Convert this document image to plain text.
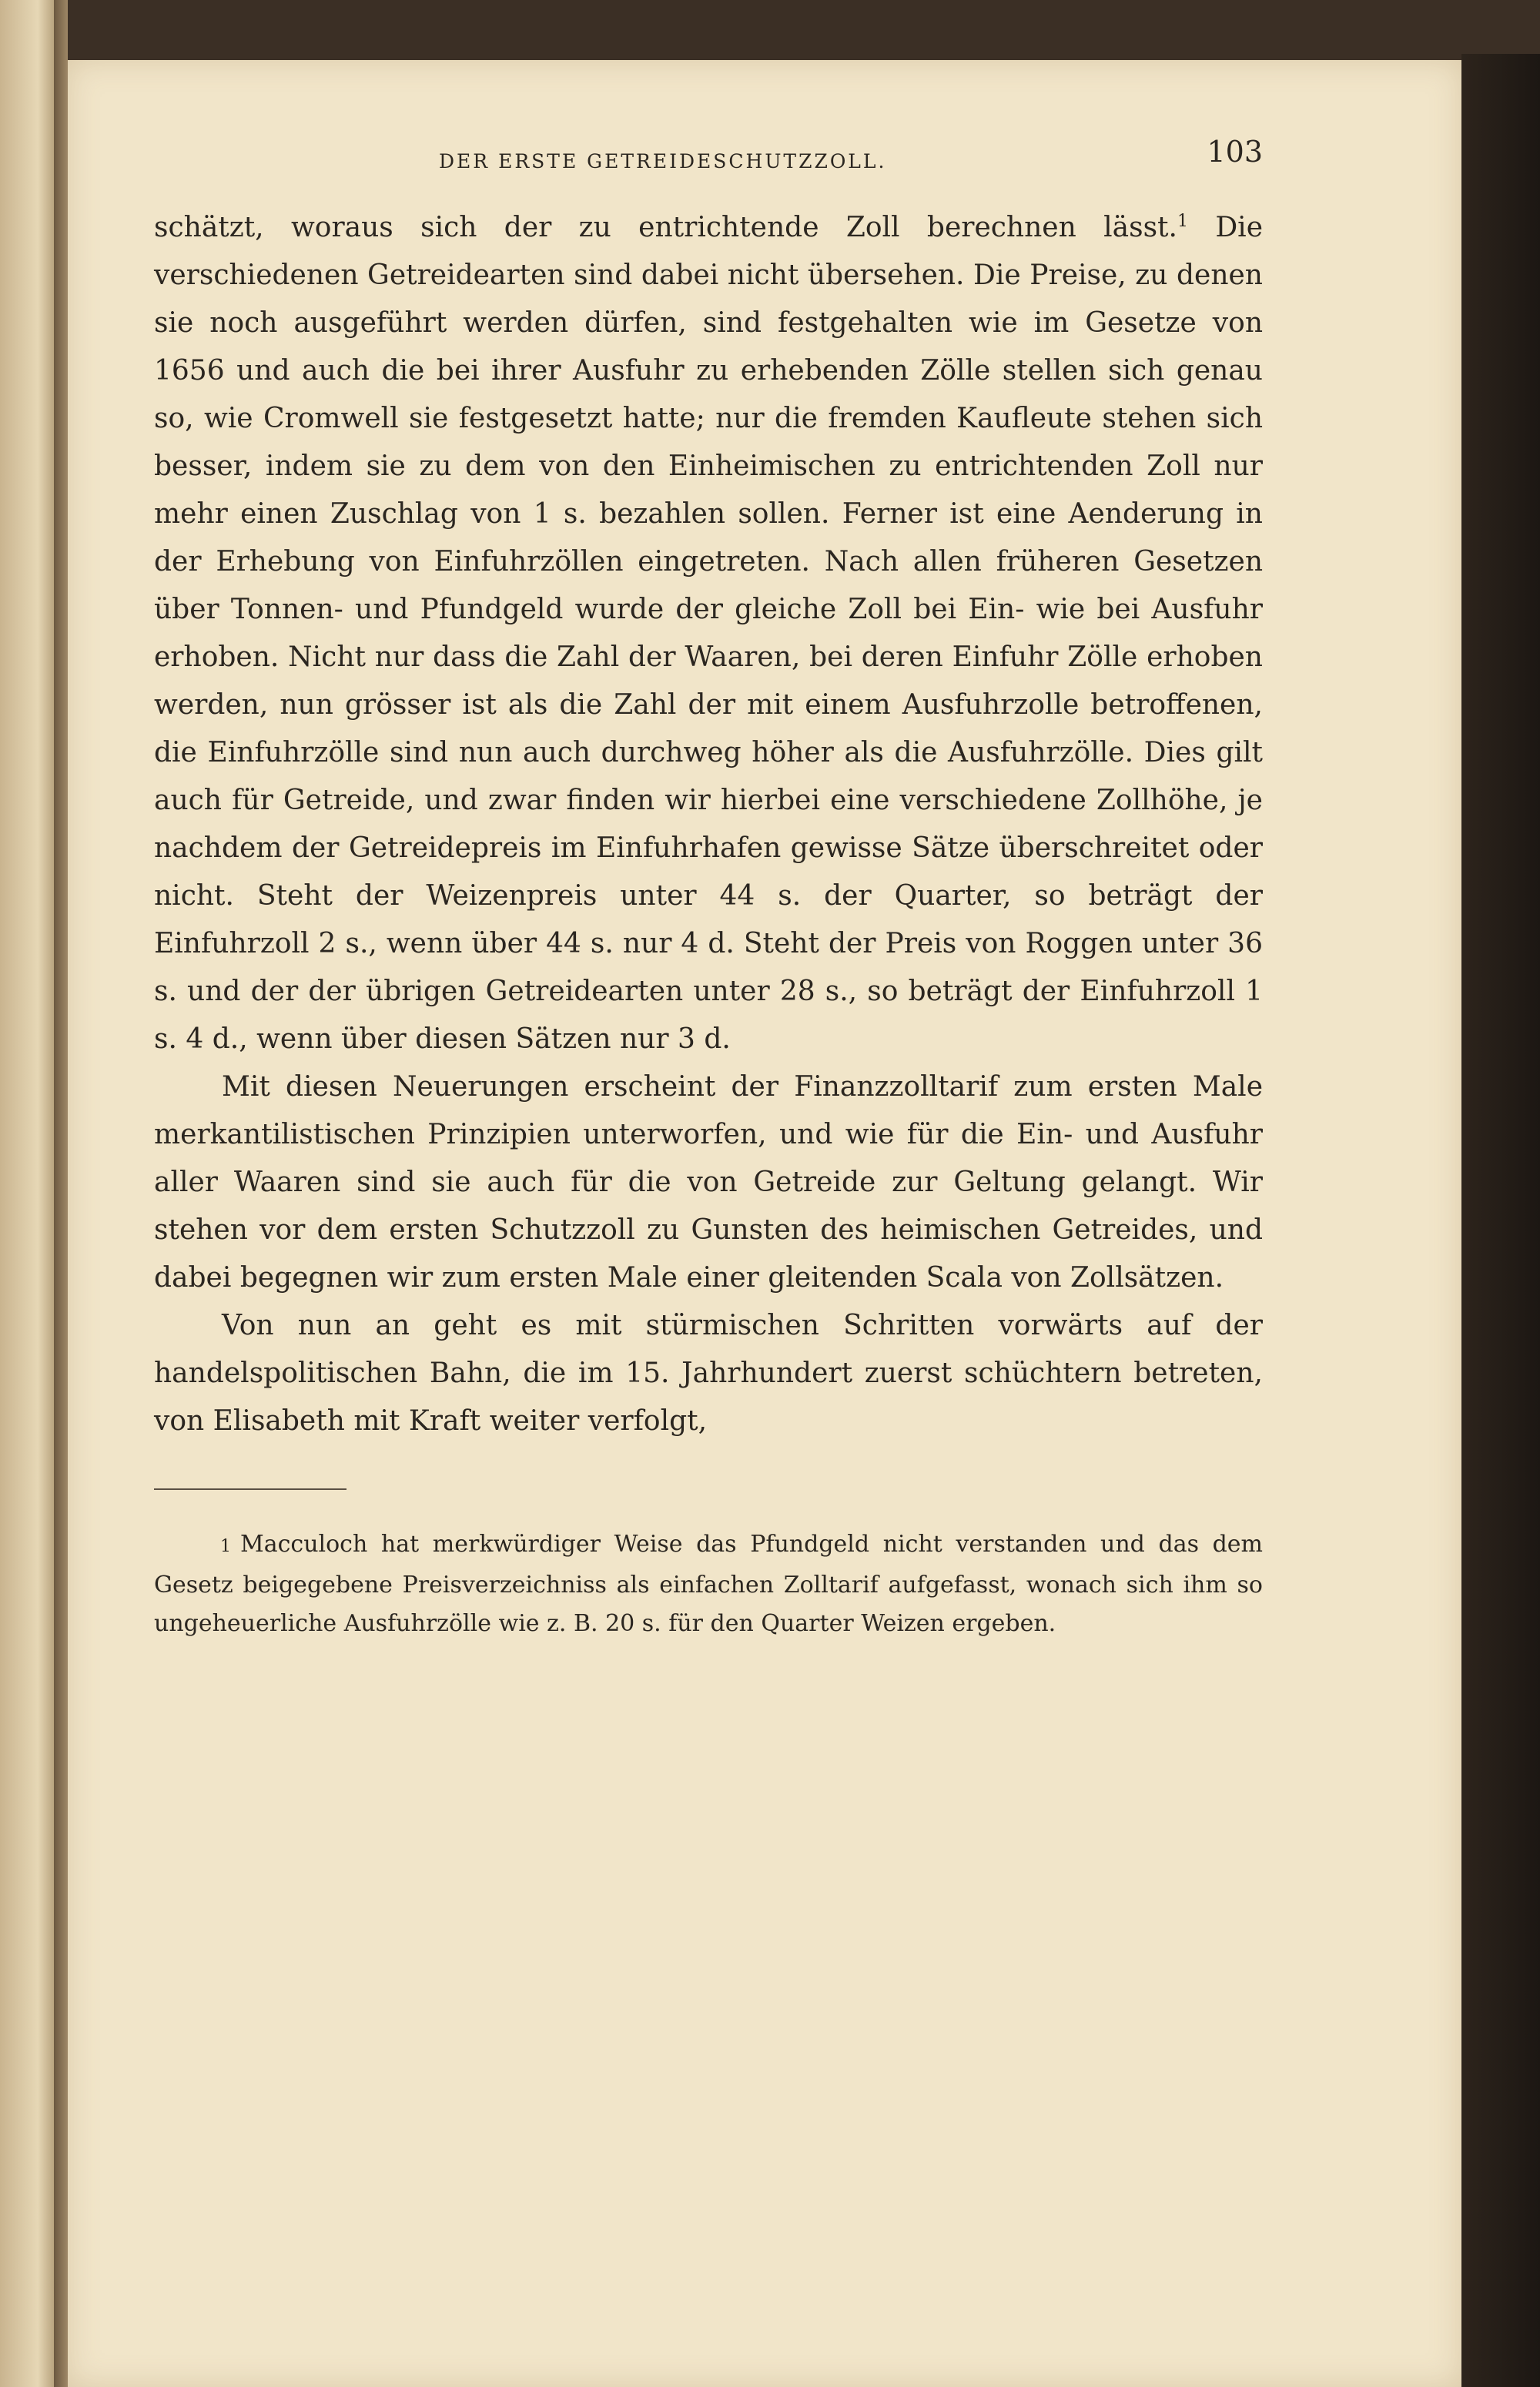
DER ERSTE GETREIDESCHUTZZOLL.	103

schätzt, woraus sich der zu entrichtende Zoll berechnen lässt.$^1$ Die verschiedenen Getreidearten sind dabei nicht übersehen. Die Preise, zu denen sie noch ausgeführt werden dürfen, sind festgehalten wie im Gesetze von 1656 und auch die bei ihrer Ausfuhr zu erhebenden Zölle stellen sich genau so, wie Cromwell sie festgesetzt hatte; nur die fremden Kaufleute stehen sich besser, indem sie zu dem von den Einheimischen zu entrichtenden Zoll nur mehr einen Zuschlag von 1 s. bezahlen sollen. Ferner ist eine Aenderung in der Erhebung von Einfuhrzöllen eingetreten. Nach allen früheren Gesetzen über Tonnen- und Pfundgeld wurde der gleiche Zoll bei Ein- wie bei Ausfuhr erhoben. Nicht nur dass die Zahl der Waaren, bei deren Einfuhr Zölle erhoben werden, nun grösser ist als die Zahl der mit einem Ausfuhrzolle betroffenen, die Einfuhrzölle sind nun auch durchweg höher als die Ausfuhrzölle. Dies gilt auch für Getreide, und zwar finden wir hierbei eine verschiedene Zollhöhe, je nachdem der Getreidepreis im Einfuhrhafen gewisse Sätze überschreitet oder nicht. Steht der Weizenpreis unter 44 s. der Quarter, so beträgt der Einfuhrzoll 2 s., wenn über 44 s. nur 4 d. Steht der Preis von Roggen unter 36 s. und der der übrigen Getreidearten unter 28 s., so beträgt der Einfuhrzoll 1 s. 4 d., wenn über diesen Sätzen nur 3 d.

Mit diesen Neuerungen erscheint der Finanzzolltarif zum ersten Male merkantilistischen Prinzipien unterworfen, und wie für die Ein- und Ausfuhr aller Waaren sind sie auch für die von Getreide zur Geltung gelangt. Wir stehen vor dem ersten Schutzzoll zu Gunsten des heimischen Getreides, und dabei begegnen wir zum ersten Male einer gleitenden Scala von Zollsätzen.

Von nun an geht es mit stürmischen Schritten vorwärts auf der handelspolitischen Bahn, die im 15. Jahrhundert zuerst schüchtern betreten, von Elisabeth mit Kraft weiter verfolgt,

1 Macculoch hat merkwürdiger Weise das Pfundgeld nicht verstanden und das dem Gesetz beigegebene Preisverzeichniss als einfachen Zolltarif aufgefasst, wonach sich ihm so ungeheuerliche Ausfuhrzölle wie z. B. 20 s. für den Quarter Weizen ergeben.
